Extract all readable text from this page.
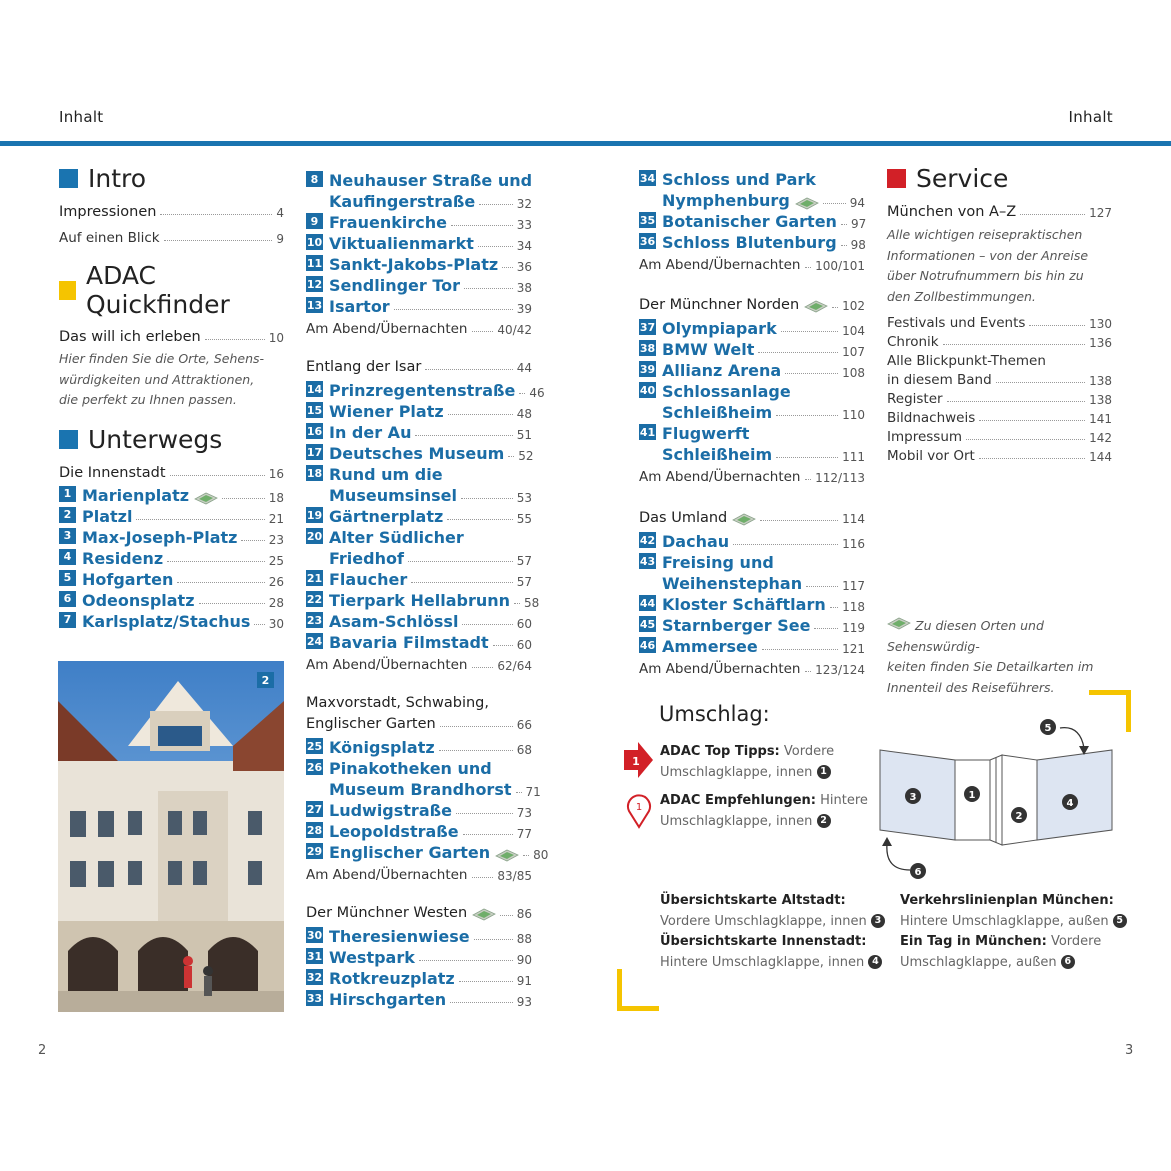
Inhalt	Inhalt
Intro
Impressionen	4
Auf einen Blick	9
ADAC Quickfinder
Das will ich erleben	10
Hier finden Sie die Orte, Sehens-
würdigkeiten und Attraktionen,
die perfekt zu Ihnen passen.
Unterwegs
Die Innenstadt	16
1 Marienplatz	18
2 Platzl	21
3 Max-Joseph-Platz	23
4 Residenz	25
5 Hofgarten	26
6 Odeonsplatz	28
7 Karlsplatz/Stachus 30
2
8 Neuhauser Straße und
Kaufingerstraße	32
9 Frauenkirche	33
10 Viktualienmarkt	34
11 Sankt-Jakobs-Platz 36
12 Sendlinger Tor	38
13 Isartor	39
Am Abend/Übernachten 40/42
Entlang der Isar	44
14 Prinzregentenstraße 46
15 Wiener Platz	48
16 In der Au	51
17 Deutsches Museum 52
18 Rund um die
Museumsinsel	53
19 Gärtnerplatz	55
20 Alter Südlicher
Friedhof	57
21 Flaucher	57
22 Tierpark Hellabrunn 58
23 Asam-Schlössl	60
24 Bavaria Filmstadt 60
Am Abend/Übernachten 62/64
Maxvorstadt, Schwabing,
Englischer Garten	66
25 Königsplatz	68
26 Pinakotheken und
Museum Brandhorst 71
27 Ludwigstraße	73
28 Leopoldstraße	77
29 Englischer Garten	80
Am Abend/Übernachten 83/85
Der Münchner Westen	86
30 Theresienwiese	88
31 Westpark	90
32 Rotkreuzplatz	91
33 Hirschgarten	93
34 Schloss und Park
Nymphenburg	94
35 Botanischer Garten 97
36 Schloss Blutenburg 98
Am Abend/Übernachten 100/101
Der Münchner Norden	102
37 Olympiapark	104
38 BMW Welt	107
39 Allianz Arena	108
40 Schlossanlage
Schleißheim	110
41 Flugwerft
Schleißheim	111
Am Abend/Übernachten 112/113
Das Umland	114
42 Dachau	116
43 Freising und
Weihenstephan	117
44 Kloster Schäftlarn 118
45 Starnberger See	119
46 Ammersee	121
Am Abend/Übernachten 123/124
Service
München von A–Z	127
Alle wichtigen reisepraktischen
Informationen – von der Anreise
über Notrufnummern bis hin zu
den Zollbestimmungen.
Festivals und Events	130
Chronik	136
Alle Blickpunkt-Themen
in diesem Band	138
Register	138
Bildnachweis	141
Impressum	142
Mobil vor Ort	144
Zu diesen Orten und Sehenswürdig-
keiten finden Sie Detailkarten im
Innenteil des Reiseführers.
Umschlag:
1
ADAC Top Tipps: Vordere
Umschlagklappe, innen 1
1 ADAC Empfehlungen: Hintere
Umschlagklappe, innen 2
1
2
3
4
5
6
Übersichtskarte Altstadt:
Vordere Umschlagklappe, innen 3
Übersichtskarte Innenstadt:
Hintere Umschlagklappe, innen 4
Verkehrslinienplan München:
Hintere Umschlagklappe, außen 5
Ein Tag in München: Vordere
Umschlagklappe, außen 6
2	3
